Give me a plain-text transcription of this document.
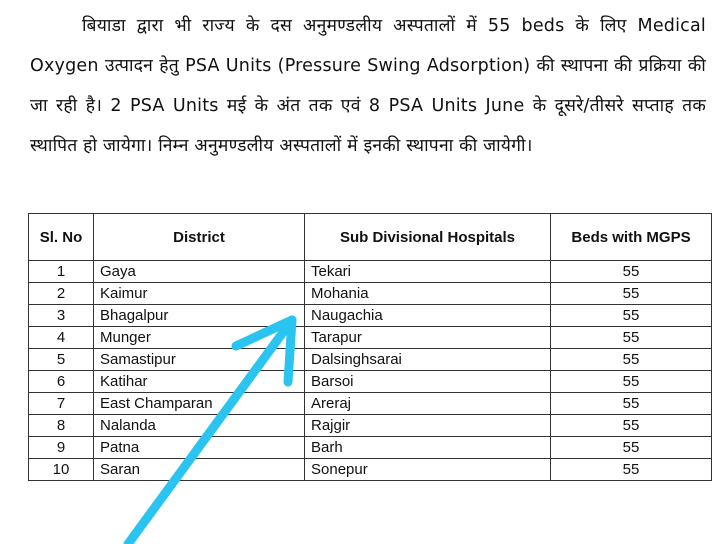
बियाडा द्वारा भी राज्य के दस अनुमण्डलीय अस्पतालों में 55 beds के लिए Medical Oxygen उत्पादन हेतु PSA Units (Pressure Swing Adsorption) की स्थापना की प्रक्रिया की जा रही है। 2 PSA Units मई के अंत तक एवं 8 PSA Units June के दूसरे/तीसरे सप्ताह तक स्थापित हो जायेगा। निम्न अनुमण्डलीय अस्पतालों में इनकी स्थापना की जायेगी।
Sl. No	District	Sub Divisional Hospitals	Beds with MGPS
1	Gaya	Tekari	55
2	Kaimur	Mohania	55
3	Bhagalpur	Naugachia	55
4	Munger	Tarapur	55
5	Samastipur	Dalsinghsarai	55
6	Katihar	Barsoi	55
7	East Champaran	Areraj	55
8	Nalanda	Rajgir	55
9	Patna	Barh	55
10	Saran	Sonepur	55
